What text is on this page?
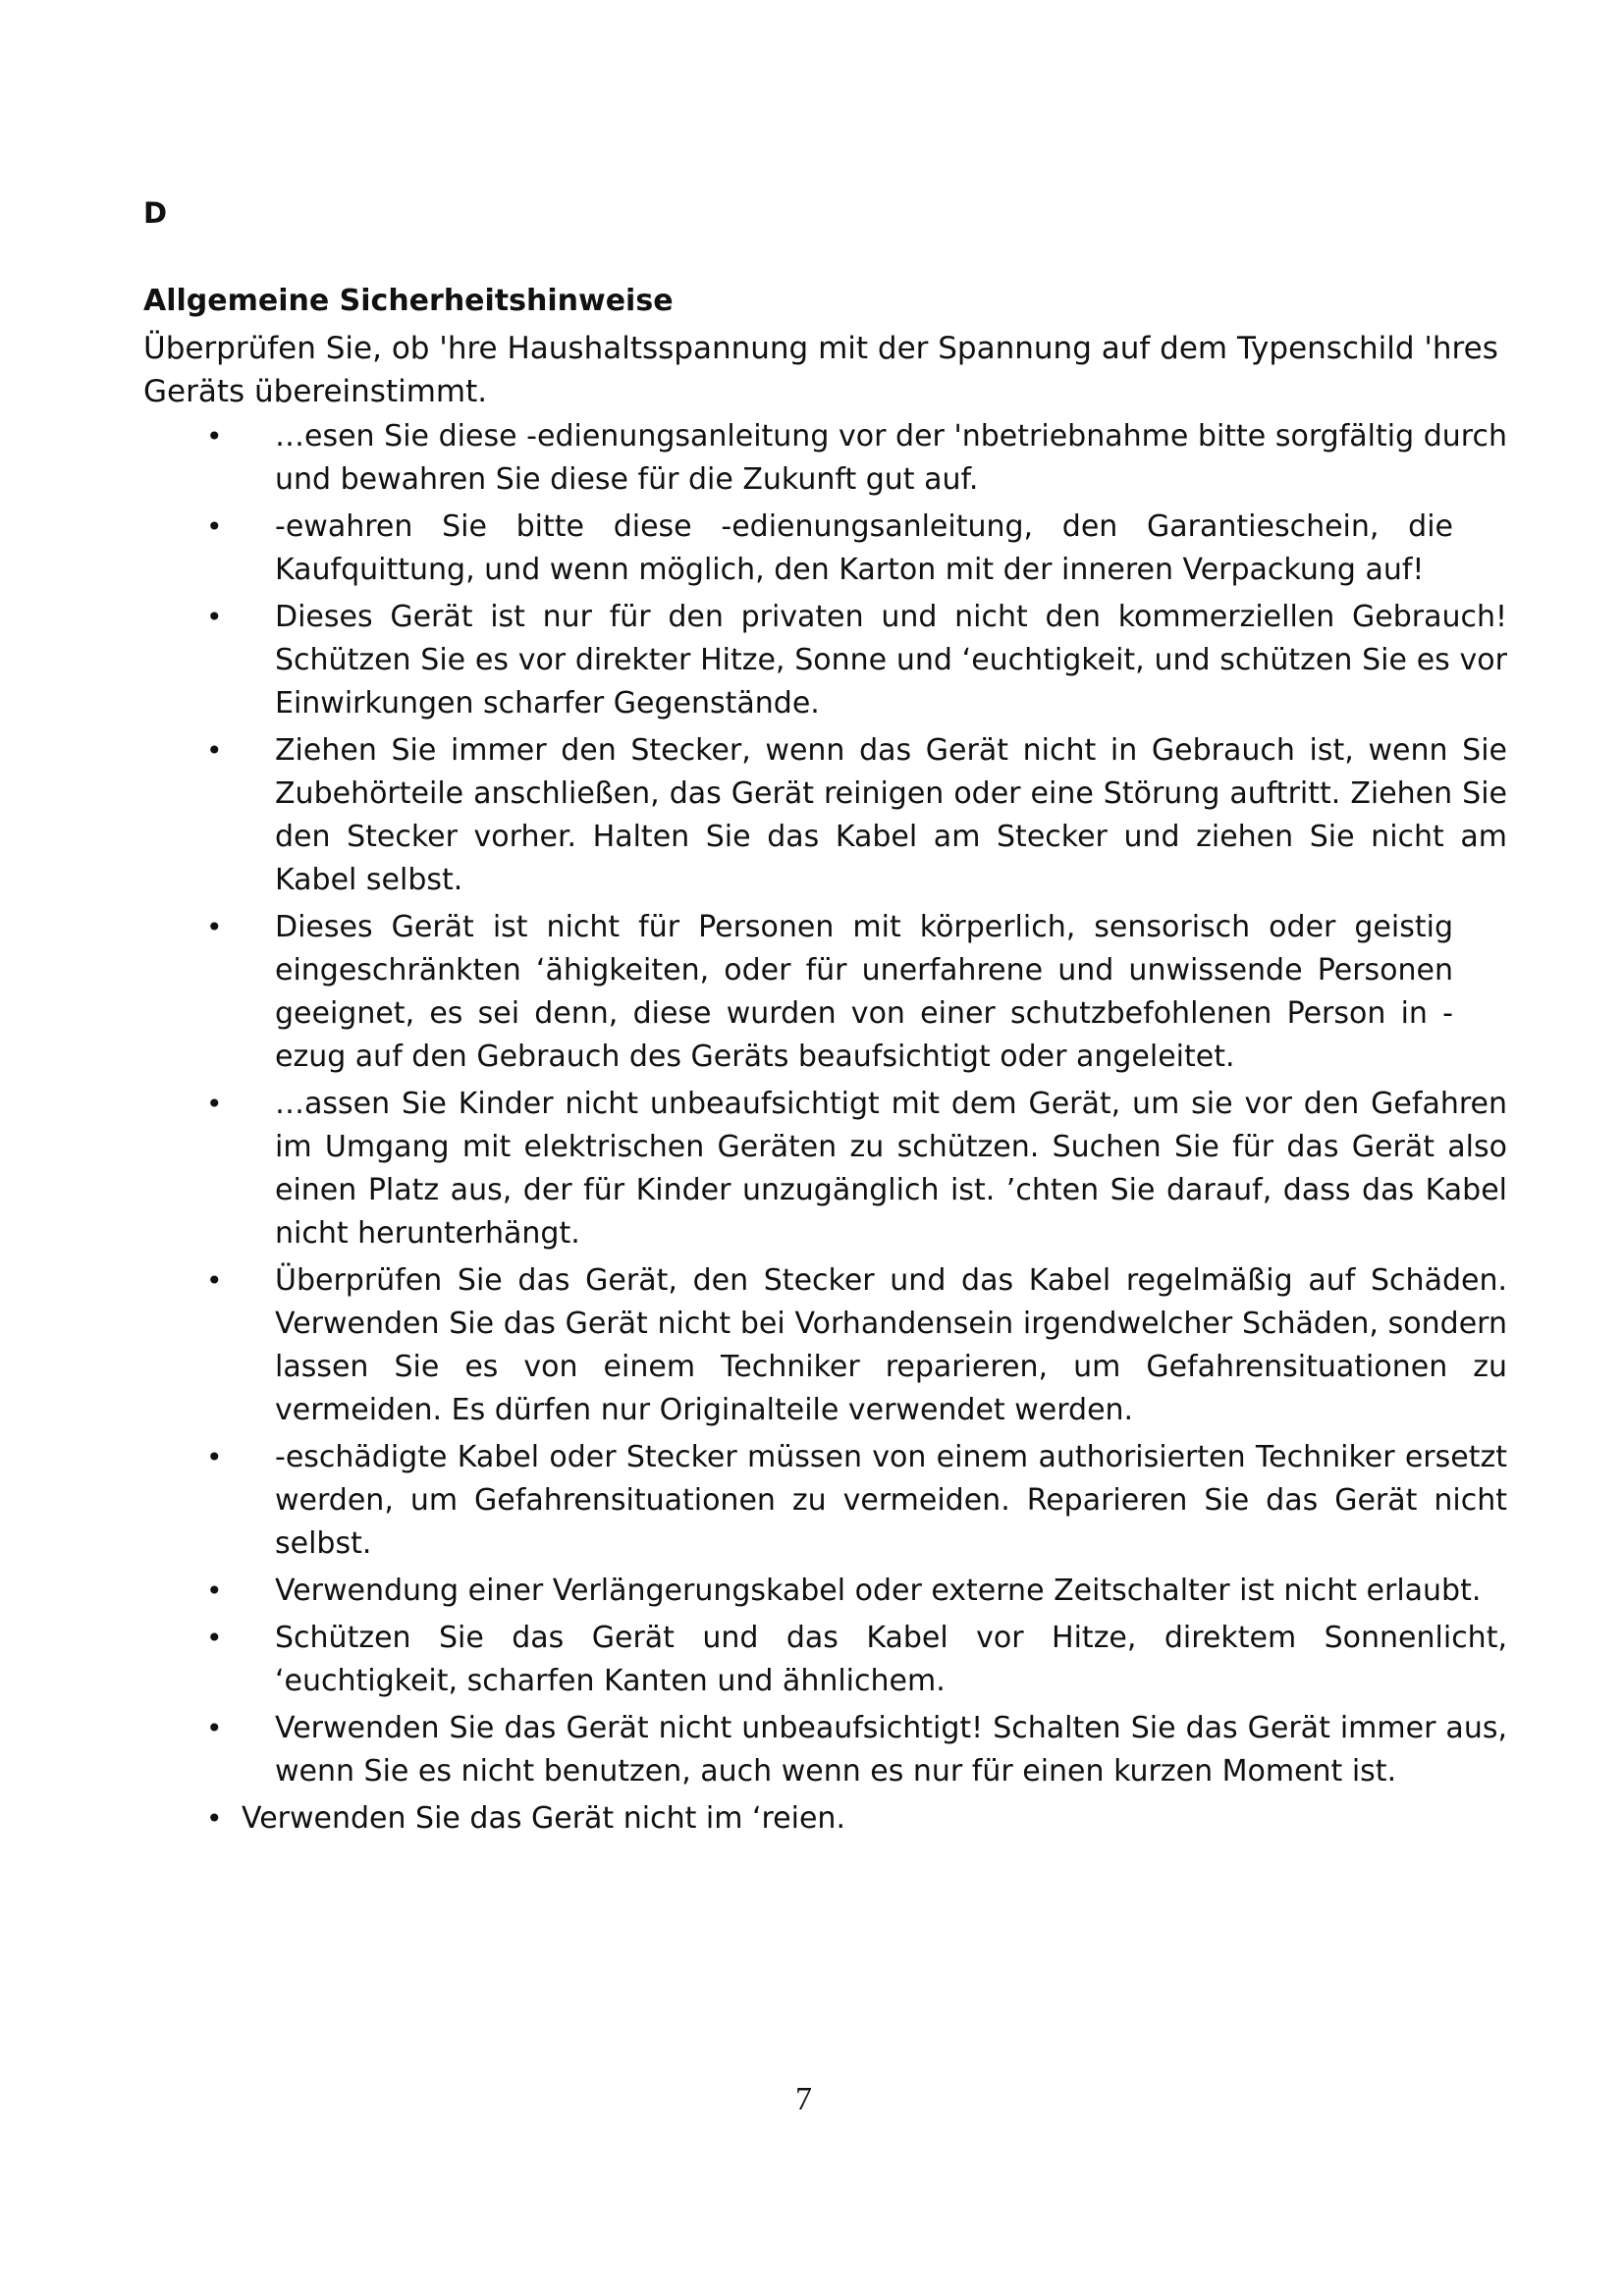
D
Allgemeine Sicherheitshinweise
Überprüfen Sie, ob 'hre Haushaltsspannung mit der Spannung auf dem Typenschild 'hres Geräts übereinstimmt.
• …esen Sie diese -edienungsanleitung vor der 'nbetriebnahme bitte sorgfältig durch und bewahren Sie diese für die Zukunft gut auf.
• -ewahren Sie bitte diese -edienungsanleitung, den Garantieschein, die Kaufquittung, und wenn möglich, den Karton mit der inneren Verpackung auf!
• Dieses Gerät ist nur für den privaten und nicht den kommerziellen Gebrauch! Schützen Sie es vor direkter Hitze, Sonne und ‘euchtigkeit, und schützen Sie es vor Einwirkungen scharfer Gegenstände.
• Ziehen Sie immer den Stecker, wenn das Gerät nicht in Gebrauch ist, wenn Sie Zubehörteile anschließen, das Gerät reinigen oder eine Störung auftritt. Ziehen Sie den Stecker vorher. Halten Sie das Kabel am Stecker und ziehen Sie nicht am Kabel selbst.
• Dieses Gerät ist nicht für Personen mit körperlich, sensorisch oder geistig eingeschränkten ‘ähigkeiten, oder für unerfahrene und unwissende Personen geeignet, es sei denn, diese wurden von einer schutzbefohlenen Person in -ezug auf den Gebrauch des Geräts beaufsichtigt oder angeleitet.
• …assen Sie Kinder nicht unbeaufsichtigt mit dem Gerät, um sie vor den Gefahren im Umgang mit elektrischen Geräten zu schützen. Suchen Sie für das Gerät also einen Platz aus, der für Kinder unzugänglich ist. ’chten Sie darauf, dass das Kabel nicht herunterhängt.
• Überprüfen Sie das Gerät, den Stecker und das Kabel regelmäßig auf Schäden. Verwenden Sie das Gerät nicht bei Vorhandensein irgendwelcher Schäden, sondern lassen Sie es von einem Techniker reparieren, um Gefahrensituationen zu vermeiden. Es dürfen nur Originalteile verwendet werden.
• -eschädigte Kabel oder Stecker müssen von einem authorisierten Techniker ersetzt werden, um Gefahrensituationen zu vermeiden. Reparieren Sie das Gerät nicht selbst.
• Verwendung einer Verlängerungskabel oder externe Zeitschalter ist nicht erlaubt.
• Schützen Sie das Gerät und das Kabel vor Hitze, direktem Sonnenlicht, ‘euchtigkeit, scharfen Kanten und ähnlichem.
• Verwenden Sie das Gerät nicht unbeaufsichtigt! Schalten Sie das Gerät immer aus, wenn Sie es nicht benutzen, auch wenn es nur für einen kurzen Moment ist.
• Verwenden Sie das Gerät nicht im ‘reien.
7
